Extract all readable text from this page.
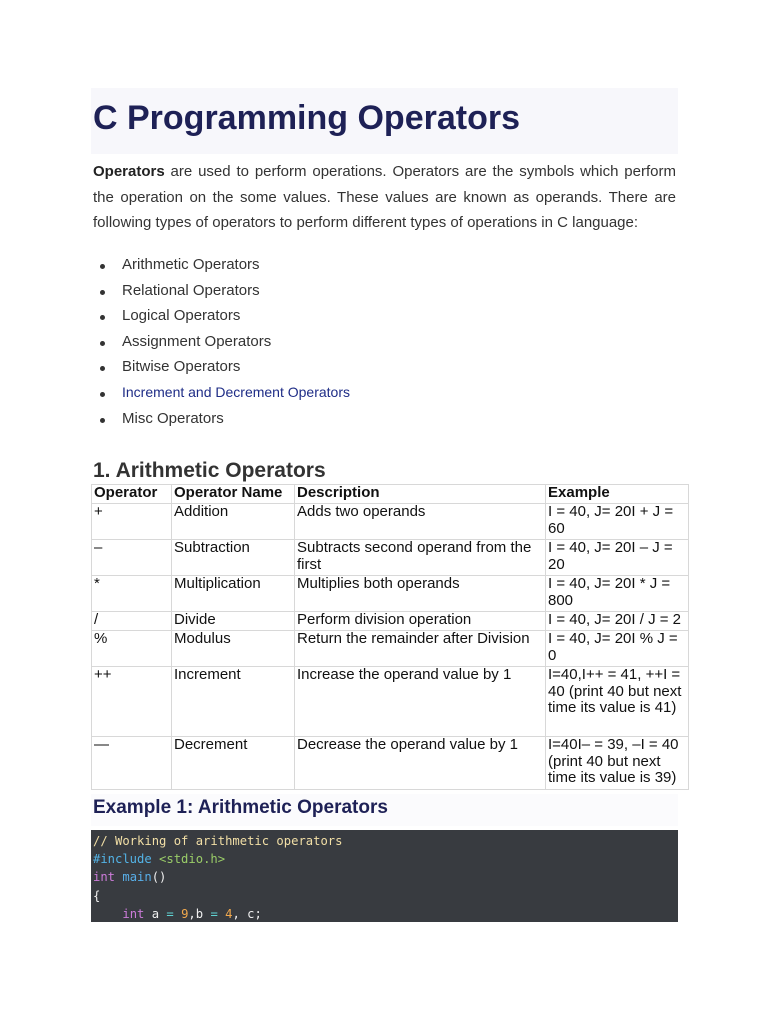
C Programming Operators

Operators are used to perform operations. Operators are the symbols which perform the operation on the some values. These values are known as operands. There are following types of operators to perform different types of operations in C language:

Arithmetic Operators
Relational Operators
Logical Operators
Assignment Operators
Bitwise Operators
Increment and Decrement Operators
Misc Operators
1. Arithmetic Operators
Operator	Operator Name	Description	Example
+	Addition	Adds two operands	I = 40, J= 20I + J = 60
–	Subtraction	Subtracts second operand from the first	I = 40, J= 20I – J = 20
*	Multiplication	Multiplies both operands	I = 40, J= 20I * J = 800
/	Divide	Perform division operation	I = 40, J= 20I / J = 2
%	Modulus	Return the remainder after Division	I = 40, J= 20I % J = 0
++	Increment	Increase the operand value by 1	I=40,I++ = 41, ++I = 40 (print 40 but next time its value is 41)
—	Decrement	Decrease the operand value by 1	I=40I– = 39, –I = 40 (print 40 but next time its value is 39)
Example 1: Arithmetic Operators
// Working of arithmetic operators
#include <stdio.h>
int main()
{
int a = 9,b = 4, c;
